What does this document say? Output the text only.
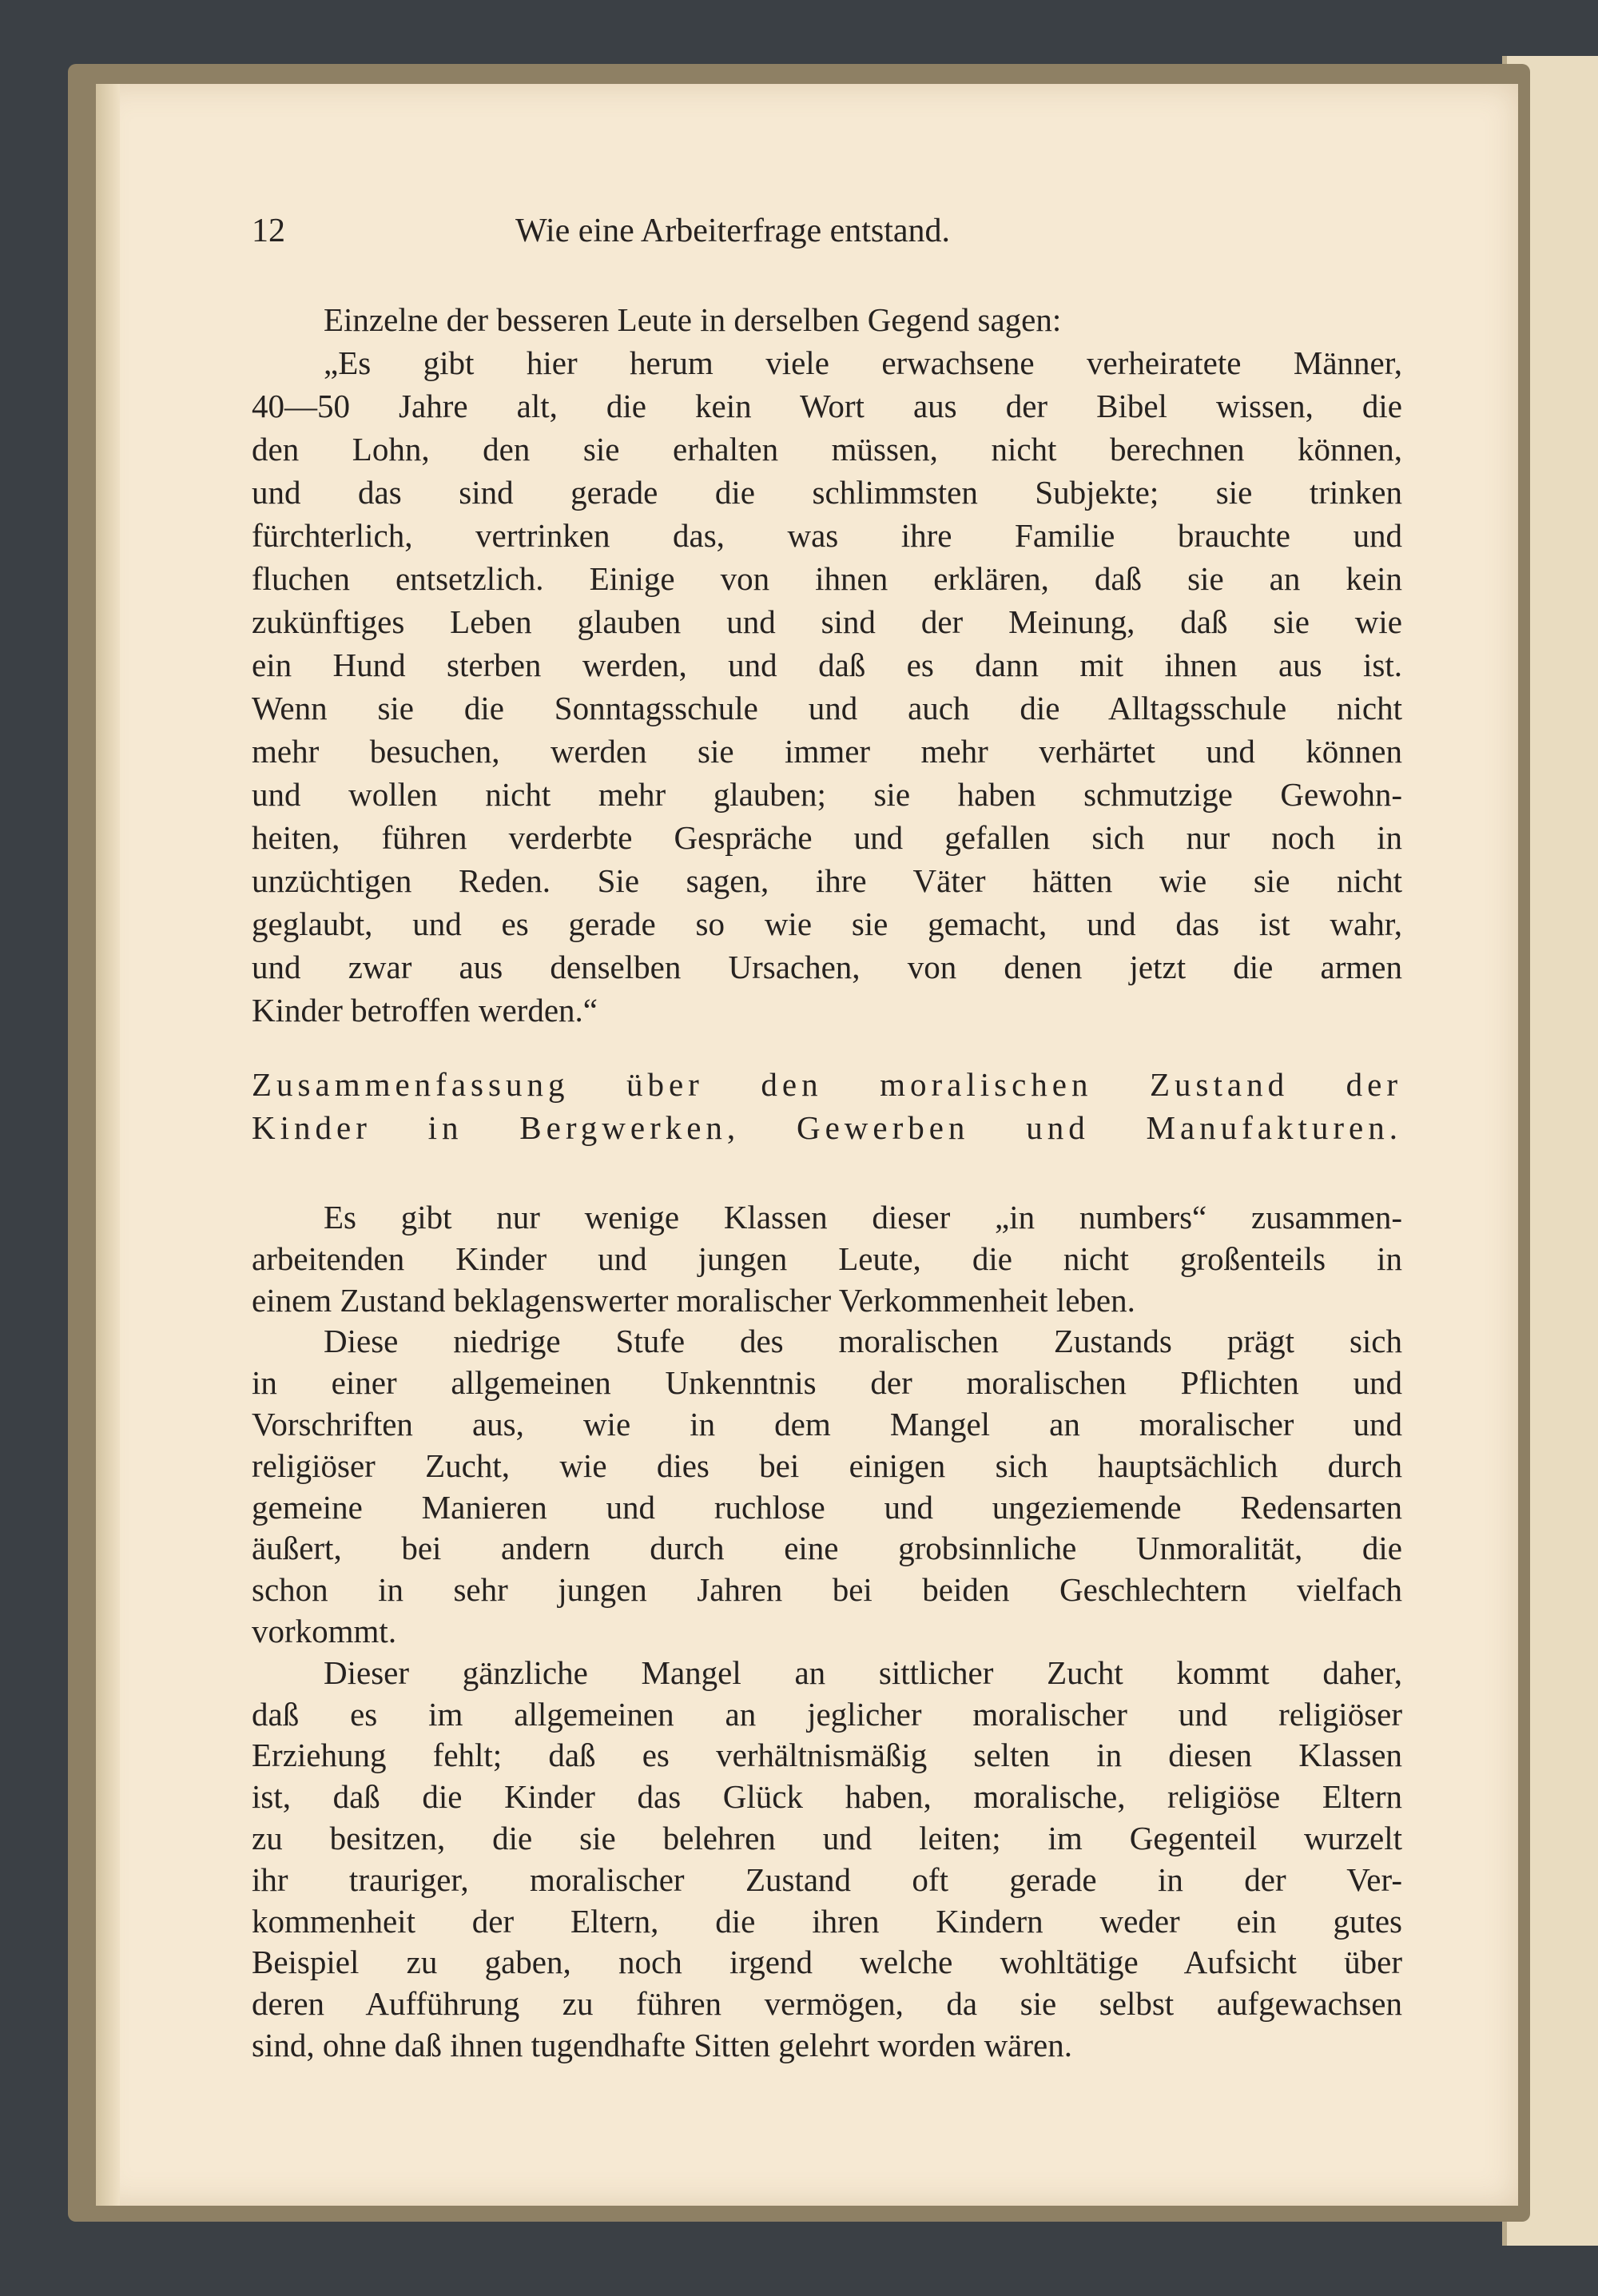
12	Wie eine Arbeiterfrage entstand.
Einzelne der besseren Leute in derselben Gegend sagen:
„Es gibt hier herum viele erwachsene verheiratete Männer,
40—50 Jahre alt, die kein Wort aus der Bibel wissen, die
den Lohn, den sie erhalten müssen, nicht berechnen können,
und das sind gerade die schlimmsten Subjekte; sie trinken
fürchterlich, vertrinken das, was ihre Familie brauchte und
fluchen entsetzlich. Einige von ihnen erklären, daß sie an kein
zukünftiges Leben glauben und sind der Meinung, daß sie wie
ein Hund sterben werden, und daß es dann mit ihnen aus ist.
Wenn sie die Sonntagsschule und auch die Alltagsschule nicht
mehr besuchen, werden sie immer mehr verhärtet und können
und wollen nicht mehr glauben; sie haben schmutzige Gewohn-
heiten, führen verderbte Gespräche und gefallen sich nur noch in
unzüchtigen Reden. Sie sagen, ihre Väter hätten wie sie nicht
geglaubt, und es gerade so wie sie gemacht, und das ist wahr,
und zwar aus denselben Ursachen, von denen jetzt die armen
Kinder betroffen werden.“
Zusammenfassung über den moralischen Zustand der
Kinder in Bergwerken, Gewerben und Manufakturen.
Es gibt nur wenige Klassen dieser „in numbers“ zusammen-
arbeitenden Kinder und jungen Leute, die nicht großenteils in
einem Zustand beklagenswerter moralischer Verkommenheit leben.
Diese niedrige Stufe des moralischen Zustands prägt sich
in einer allgemeinen Unkenntnis der moralischen Pflichten und
Vorschriften aus, wie in dem Mangel an moralischer und
religiöser Zucht, wie dies bei einigen sich hauptsächlich durch
gemeine Manieren und ruchlose und ungeziemende Redensarten
äußert, bei andern durch eine grobsinnliche Unmoralität, die
schon in sehr jungen Jahren bei beiden Geschlechtern vielfach
vorkommt.
Dieser gänzliche Mangel an sittlicher Zucht kommt daher,
daß es im allgemeinen an jeglicher moralischer und religiöser
Erziehung fehlt; daß es verhältnismäßig selten in diesen Klassen
ist, daß die Kinder das Glück haben, moralische, religiöse Eltern
zu besitzen, die sie belehren und leiten; im Gegenteil wurzelt
ihr trauriger, moralischer Zustand oft gerade in der Ver-
kommenheit der Eltern, die ihren Kindern weder ein gutes
Beispiel zu gaben, noch irgend welche wohltätige Aufsicht über
deren Aufführung zu führen vermögen, da sie selbst aufgewachsen
sind, ohne daß ihnen tugendhafte Sitten gelehrt worden wären.
